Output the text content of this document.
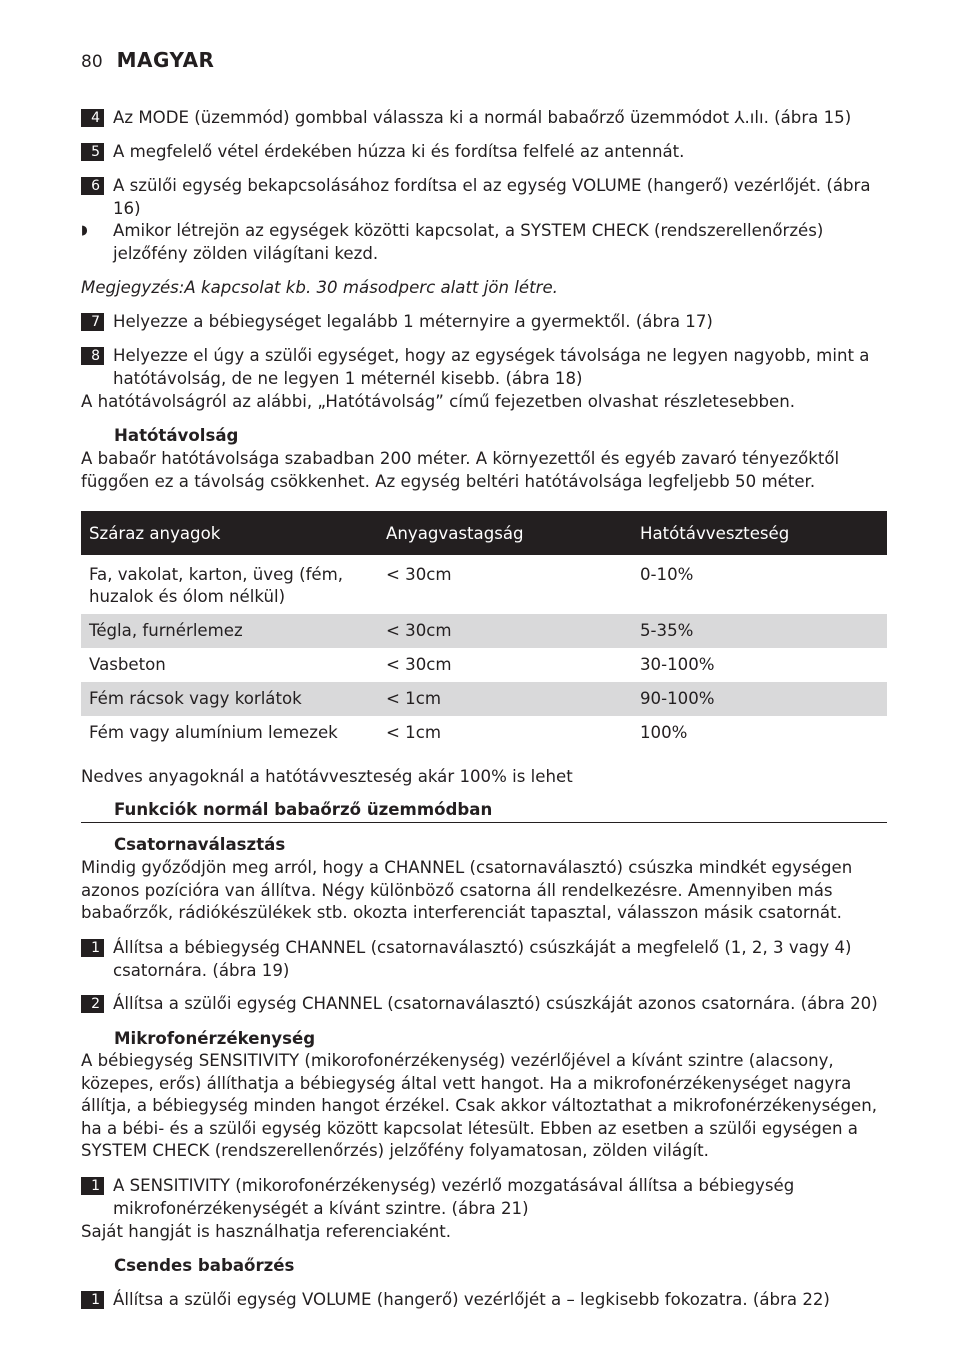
80 MAGYAR
4 Az MODE (üzemmód) gombbal válassza ki a normál babaőrző üzemmódot ⅄.ılı. (ábra 15)
5 A megfelelő vétel érdekében húzza ki és fordítsa felfelé az antennát.
6 A szülői egység bekapcsolásához fordítsa el az egység VOLUME (hangerő) vezérlőjét. (ábra 16)
◗	Amikor létrejön az egységek közötti kapcsolat, a SYSTEM CHECK (rendszerellenőrzés) jelzőfény zölden világítani kezd.
Megjegyzés:A kapcsolat kb. 30 másodperc alatt jön létre.
7 Helyezze a bébiegységet legalább 1 méternyire a gyermektől. (ábra 17)
8 Helyezze el úgy a szülői egységet, hogy az egységek távolsága ne legyen nagyobb, mint a hatótávolság, de ne legyen 1 méternél kisebb. (ábra 18)
A hatótávolságról az alábbi, „Hatótávolság” című fejezetben olvashat részletesebben.
Hatótávolság
A babaőr hatótávolsága szabadban 200 méter. A környezettől és egyéb zavaró tényezőktől függően ez a távolság csökkenhet. Az egység beltéri hatótávolsága legfeljebb 50 méter.
Száraz anyagok	Anyagvastagság	Hatótávveszteség
Fa, vakolat, karton, üveg (fém, huzalok és ólom nélkül)	< 30cm	0-10%
Tégla, furnérlemez	< 30cm	5-35%
Vasbeton	< 30cm	30-100%
Fém rácsok vagy korlátok	< 1cm	90-100%
Fém vagy alumínium lemezek	< 1cm	100%
Nedves anyagoknál a hatótávveszteség akár 100% is lehet
Funkciók normál babaőrző üzemmódban
Csatornaválasztás
Mindig győződjön meg arról, hogy a CHANNEL (csatornaválasztó) csúszka mindkét egységen azonos pozícióra van állítva. Négy különböző csatorna áll rendelkezésre. Amennyiben más babaőrzők, rádiókészülékek stb. okozta interferenciát tapasztal, válasszon másik csatornát.
1 Állítsa a bébiegység CHANNEL (csatornaválasztó) csúszkáját a megfelelő (1, 2, 3 vagy 4) csatornára. (ábra 19)
2 Állítsa a szülői egység CHANNEL (csatornaválasztó) csúszkáját azonos csatornára. (ábra 20)
Mikrofonérzékenység
A bébiegység SENSITIVITY (mikorofonérzékenység) vezérlőjével a kívánt szintre (alacsony, közepes, erős) állíthatja a bébiegység által vett hangot. Ha a mikrofonérzékenységet nagyra állítja, a bébiegység minden hangot érzékel. Csak akkor változtathat a mikrofonérzékenységen, ha a bébi- és a szülői egység között kapcsolat létesült. Ebben az esetben a szülői egységen a SYSTEM CHECK (rendszerellenőrzés) jelzőfény folyamatosan, zölden világít.
1 A SENSITIVITY (mikorofonérzékenység) vezérlő mozgatásával állítsa a bébiegység mikrofonérzékenységét a kívánt szintre. (ábra 21)
Saját hangját is használhatja referenciaként.
Csendes babaőrzés
1 Állítsa a szülői egység VOLUME (hangerő) vezérlőjét a – legkisebb fokozatra. (ábra 22)
